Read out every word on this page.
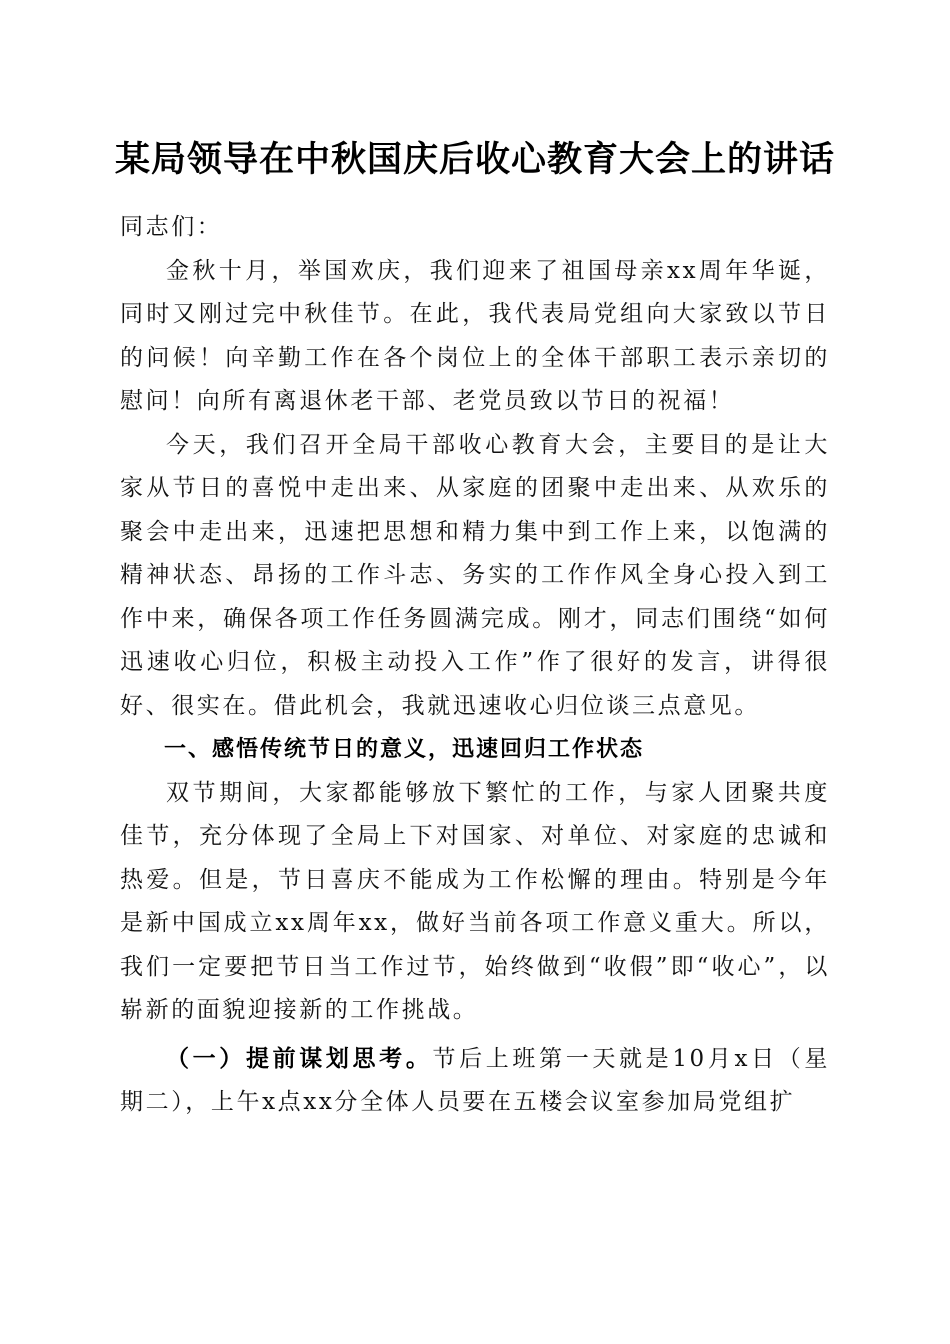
某局领导在中秋国庆后收心教育大会上的讲话

同志们：

金秋十月，举国欢庆，我们迎来了祖国母亲xx周年华诞，同时又刚过完中秋佳节。在此，我代表局党组向大家致以节日的问候！向辛勤工作在各个岗位上的全体干部职工表示亲切的慰问！向所有离退休老干部、老党员致以节日的祝福！

今天，我们召开全局干部收心教育大会，主要目的是让大家从节日的喜悦中走出来、从家庭的团聚中走出来、从欢乐的聚会中走出来，迅速把思想和精力集中到工作上来，以饱满的精神状态、昂扬的工作斗志、务实的工作作风全身心投入到工作中来，确保各项工作任务圆满完成。刚才，同志们围绕“如何迅速收心归位，积极主动投入工作”作了很好的发言，讲得很好、很实在。借此机会，我就迅速收心归位谈三点意见。

一、感悟传统节日的意义，迅速回归工作状态

双节期间，大家都能够放下繁忙的工作，与家人团聚共度佳节，充分体现了全局上下对国家、对单位、对家庭的忠诚和热爱。但是，节日喜庆不能成为工作松懈的理由。特别是今年是新中国成立xx周年xx，做好当前各项工作意义重大。所以，我们一定要把节日当工作过节，始终做到“收假”即“收心”，以崭新的面貌迎接新的工作挑战。

（一）提前谋划思考。节后上班第一天就是10月x日（星期二），上午x点xx分全体人员要在五楼会议室参加局党组扩
